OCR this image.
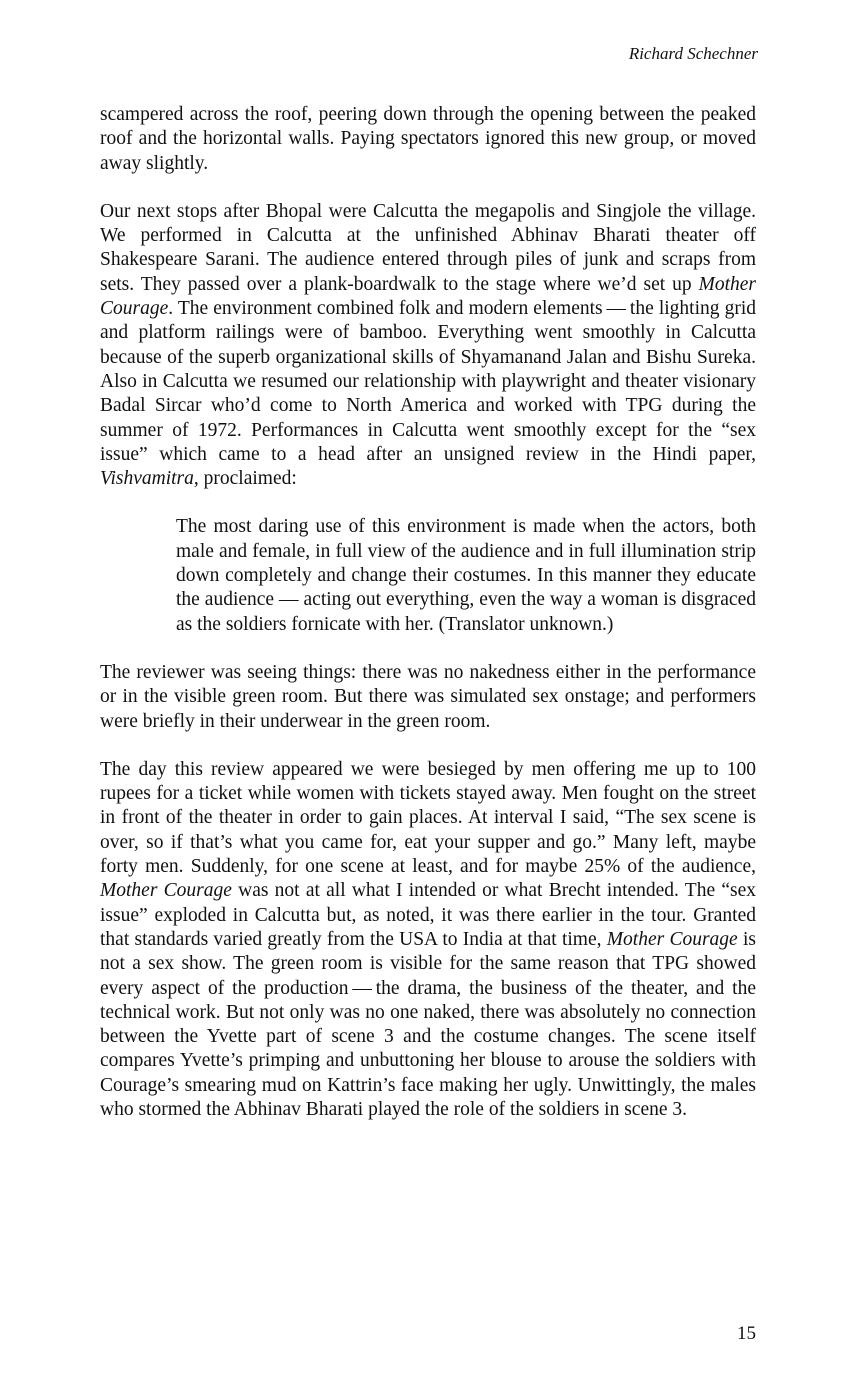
Richard Schechner

scampered across the roof, peering down through the opening between the peaked roof and the horizontal walls. Paying spectators ignored this new group, or moved away slightly.

Our next stops after Bhopal were Calcutta the megapolis and Singjole the village. We performed in Calcutta at the unfinished Abhinav Bharati theater off Shakespeare Sarani. The audience entered through piles of junk and scraps from sets. They passed over a plank-boardwalk to the stage where we’d set up Mother Courage. The environment combined folk and modern elements — the lighting grid and platform railings were of bamboo. Everything went smoothly in Calcutta because of the superb organizational skills of Shyamanand Jalan and Bishu Sureka. Also in Calcutta we resumed our relationship with playwright and theater visionary Badal Sircar who’d come to North America and worked with TPG during the summer of 1972. Performances in Calcutta went smoothly except for the “sex issue” which came to a head after an unsigned review in the Hindi paper, Vishvamitra, proclaimed:

The most daring use of this environment is made when the actors, both male and female, in full view of the audience and in full illumination strip down completely and change their costumes. In this manner they educate the audience — acting out everything, even the way a woman is disgraced as the soldiers fornicate with her. (Translator unknown.)

The reviewer was seeing things: there was no nakedness either in the performance or in the visible green room. But there was simulated sex onstage; and performers were briefly in their underwear in the green room.

The day this review appeared we were besieged by men offering me up to 100 rupees for a ticket while women with tickets stayed away. Men fought on the street in front of the theater in order to gain places. At interval I said, “The sex scene is over, so if that’s what you came for, eat your supper and go.” Many left, maybe forty men. Suddenly, for one scene at least, and for maybe 25% of the audience, Mother Courage was not at all what I intended or what Brecht intended. The “sex issue” exploded in Calcutta but, as noted, it was there earlier in the tour. Granted that standards varied greatly from the USA to India at that time, Mother Courage is not a sex show. The green room is visible for the same reason that TPG showed every aspect of the production — the drama, the business of the theater, and the technical work. But not only was no one naked, there was absolutely no connection between the Yvette part of scene 3 and the costume changes. The scene itself compares Yvette’s primping and unbuttoning her blouse to arouse the soldiers with Courage’s smearing mud on Kattrin’s face making her ugly. Unwittingly, the males who stormed the Abhinav Bharati played the role of the soldiers in scene 3.

15
